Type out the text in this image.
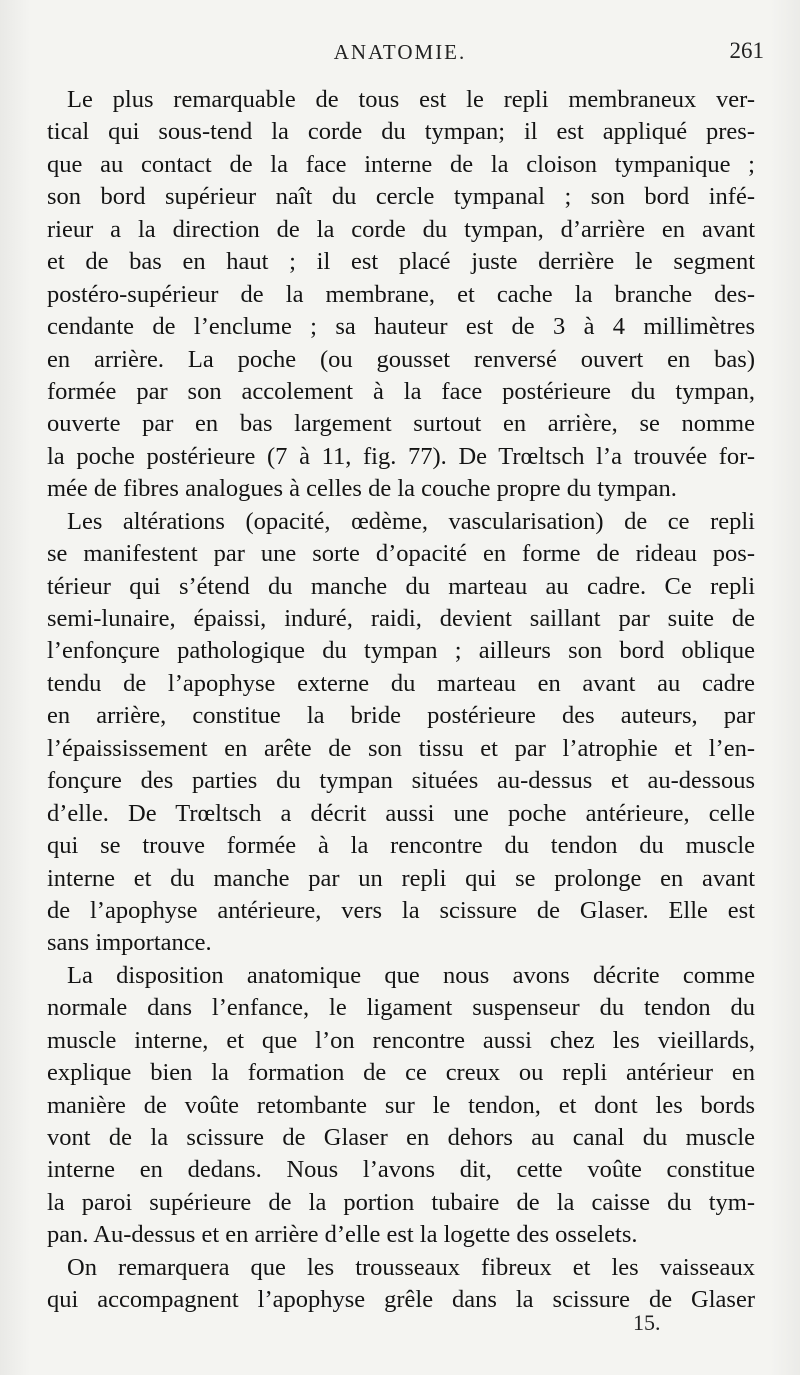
ANATOMIE.	261
Le plus remarquable de tous est le repli membraneux ver-
tical qui sous-tend la corde du tympan; il est appliqué pres-
que au contact de la face interne de la cloison tympanique ;
son bord supérieur naît du cercle tympanal ; son bord infé-
rieur a la direction de la corde du tympan, d’arrière en avant
et de bas en haut ; il est placé juste derrière le segment
postéro-supérieur de la membrane, et cache la branche des-
cendante de l’enclume ; sa hauteur est de 3 à 4 millimètres
en arrière. La poche (ou gousset renversé ouvert en bas)
formée par son accolement à la face postérieure du tympan,
ouverte par en bas largement surtout en arrière, se nomme
la poche postérieure (7 à 11, fig. 77). De Trœltsch l’a trouvée for-
mée de fibres analogues à celles de la couche propre du tympan.
Les altérations (opacité, œdème, vascularisation) de ce repli
se manifestent par une sorte d’opacité en forme de rideau pos-
térieur qui s’étend du manche du marteau au cadre. Ce repli
semi-lunaire, épaissi, induré, raidi, devient saillant par suite de
l’enfonçure pathologique du tympan ; ailleurs son bord oblique
tendu de l’apophyse externe du marteau en avant au cadre
en arrière, constitue la bride postérieure des auteurs, par
l’épaississement en arête de son tissu et par l’atrophie et l’en-
fonçure des parties du tympan situées au-dessus et au-dessous
d’elle. De Trœltsch a décrit aussi une poche antérieure, celle
qui se trouve formée à la rencontre du tendon du muscle
interne et du manche par un repli qui se prolonge en avant
de l’apophyse antérieure, vers la scissure de Glaser. Elle est
sans importance.
La disposition anatomique que nous avons décrite comme
normale dans l’enfance, le ligament suspenseur du tendon du
muscle interne, et que l’on rencontre aussi chez les vieillards,
explique bien la formation de ce creux ou repli antérieur en
manière de voûte retombante sur le tendon, et dont les bords
vont de la scissure de Glaser en dehors au canal du muscle
interne en dedans. Nous l’avons dit, cette voûte constitue
la paroi supérieure de la portion tubaire de la caisse du tym-
pan. Au-dessus et en arrière d’elle est la logette des osselets.
On remarquera que les trousseaux fibreux et les vaisseaux
qui accompagnent l’apophyse grêle dans la scissure de Glaser
15.
